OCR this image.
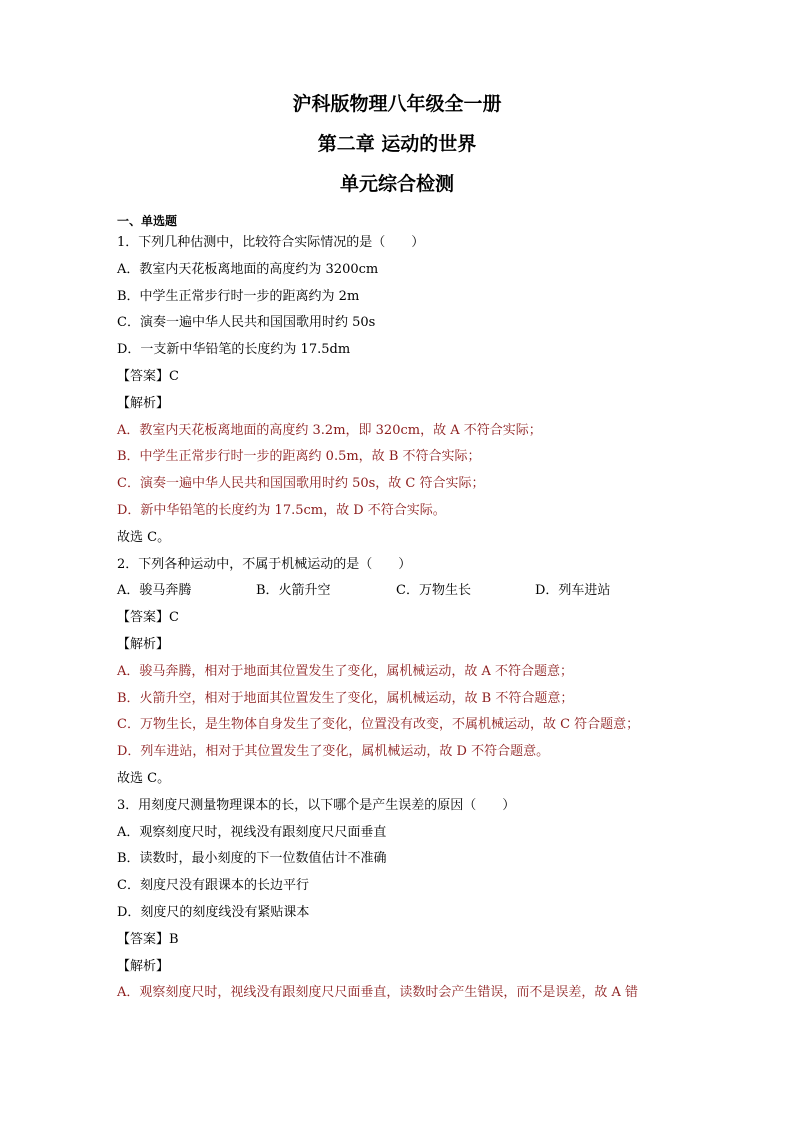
沪科版物理八年级全一册
第二章 运动的世界
单元综合检测
一、单选题
1．下列几种估测中，比较符合实际情况的是（　　）
A．教室内天花板离地面的高度约为 3200cm
B．中学生正常步行时一步的距离约为 2m
C．演奏一遍中华人民共和国国歌用时约 50s
D．一支新中华铅笔的长度约为 17.5dm
【答案】C
【解析】
A．教室内天花板离地面的高度约 3.2m，即 320cm，故 A 不符合实际；
B．中学生正常步行时一步的距离约 0.5m，故 B 不符合实际；
C．演奏一遍中华人民共和国国歌用时约 50s，故 C 符合实际；
D．新中华铅笔的长度约为 17.5cm，故 D 不符合实际。
故选 C。
2．下列各种运动中，不属于机械运动的是（　　）
A．骏马奔腾	B．火箭升空	C．万物生长	D．列车进站
【答案】C
【解析】
A．骏马奔腾，相对于地面其位置发生了变化，属机械运动，故 A 不符合题意；
B．火箭升空，相对于地面其位置发生了变化，属机械运动，故 B 不符合题意；
C．万物生长，是生物体自身发生了变化，位置没有改变，不属机械运动，故 C 符合题意；
D．列车进站，相对于其位置发生了变化，属机械运动，故 D 不符合题意。
故选 C。
3．用刻度尺测量物理课本的长，以下哪个是产生误差的原因（　　）
A．观察刻度尺时，视线没有跟刻度尺尺面垂直
B．读数时，最小刻度的下一位数值估计不准确
C．刻度尺没有跟课本的长边平行
D．刻度尺的刻度线没有紧贴课本
【答案】B
【解析】
A．观察刻度尺时，视线没有跟刻度尺尺面垂直，读数时会产生错误，而不是误差，故 A 错
